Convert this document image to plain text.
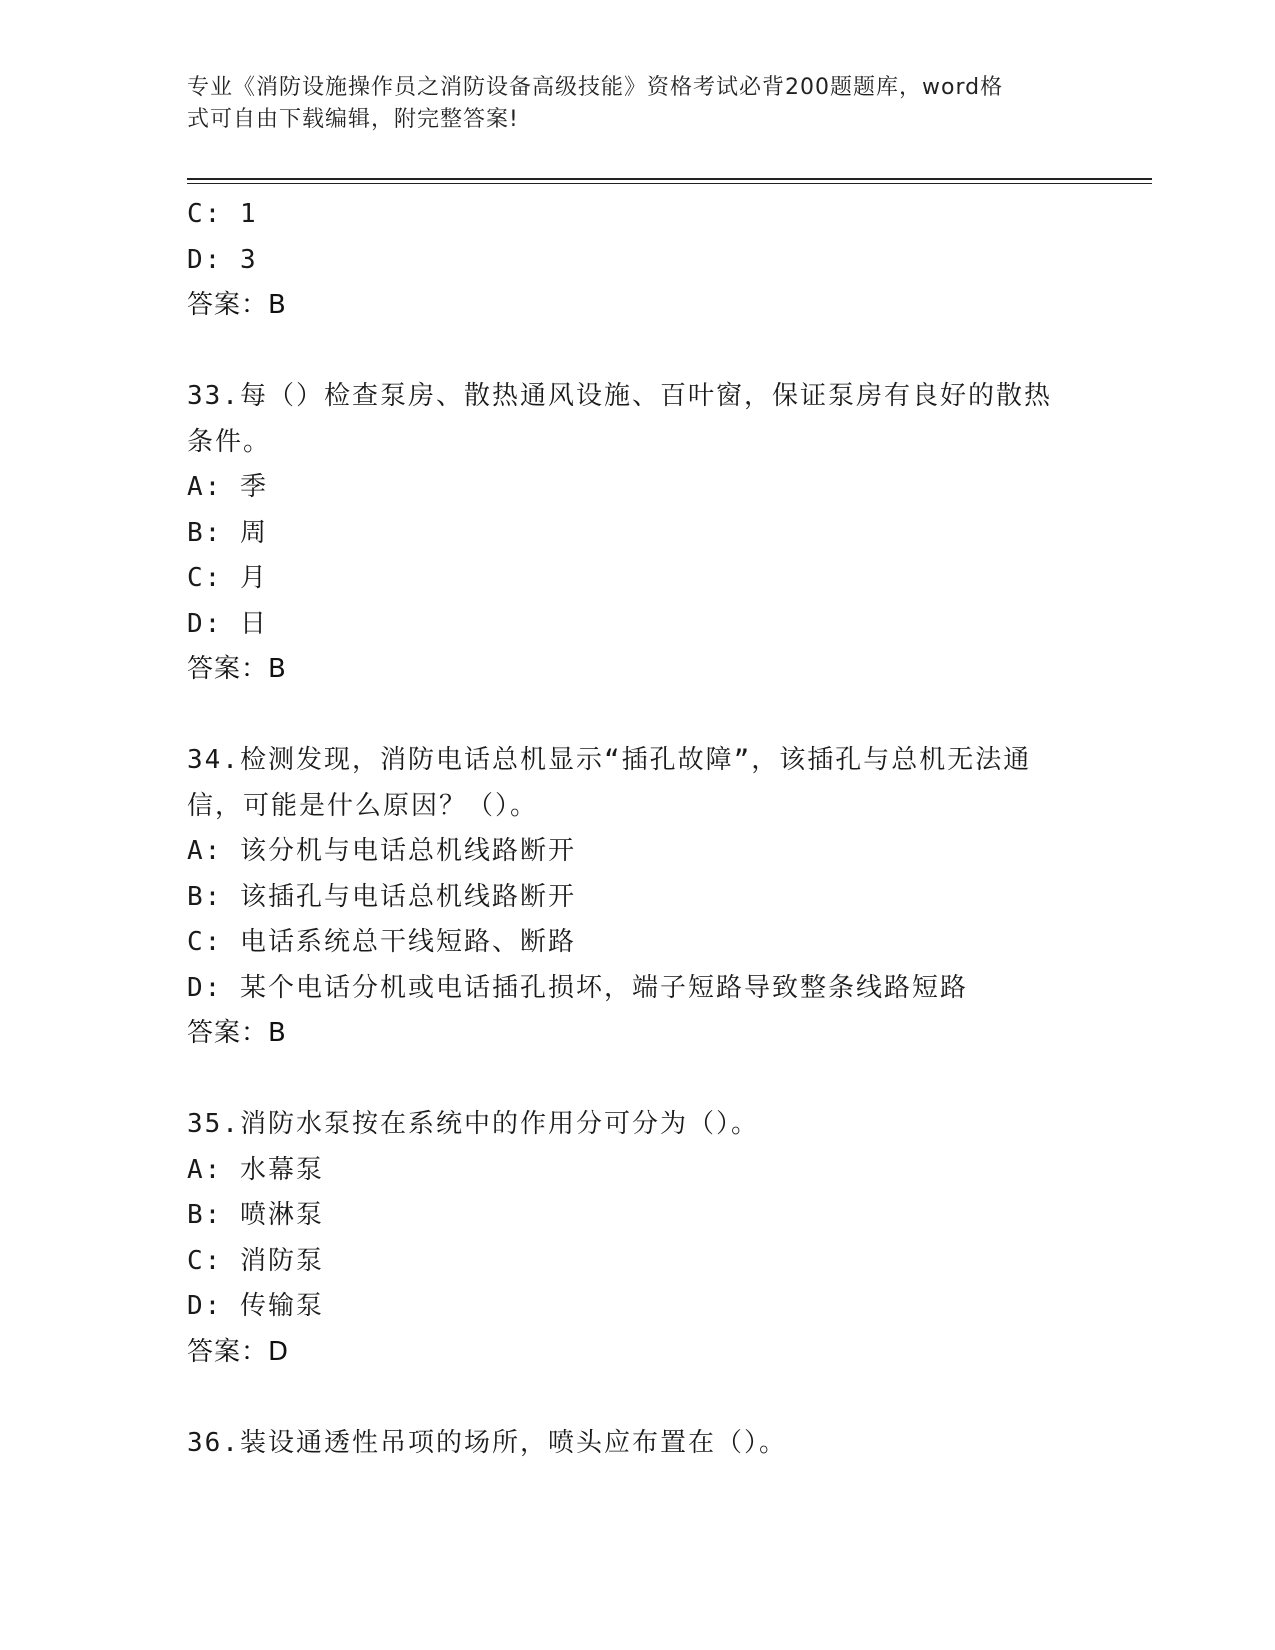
专业《消防设施操作员之消防设备高级技能》资格考试必背200题题库，word格
式可自由下载编辑，附完整答案!
C: 1
D: 3
答案：B
33.每（）检查泵房、散热通风设施、百叶窗，保证泵房有良好的散热
条件。
A: 季
B: 周
C: 月
D: 日
答案：B
34.检测发现，消防电话总机显示“插孔故障”，该插孔与总机无法通
信，可能是什么原因？（）。
A: 该分机与电话总机线路断开
B: 该插孔与电话总机线路断开
C: 电话系统总干线短路、断路
D: 某个电话分机或电话插孔损坏，端子短路导致整条线路短路
答案：B
35.消防水泵按在系统中的作用分可分为（）。
A: 水幕泵
B: 喷淋泵
C: 消防泵
D: 传输泵
答案：D
36.装设通透性吊项的场所，喷头应布置在（）。
